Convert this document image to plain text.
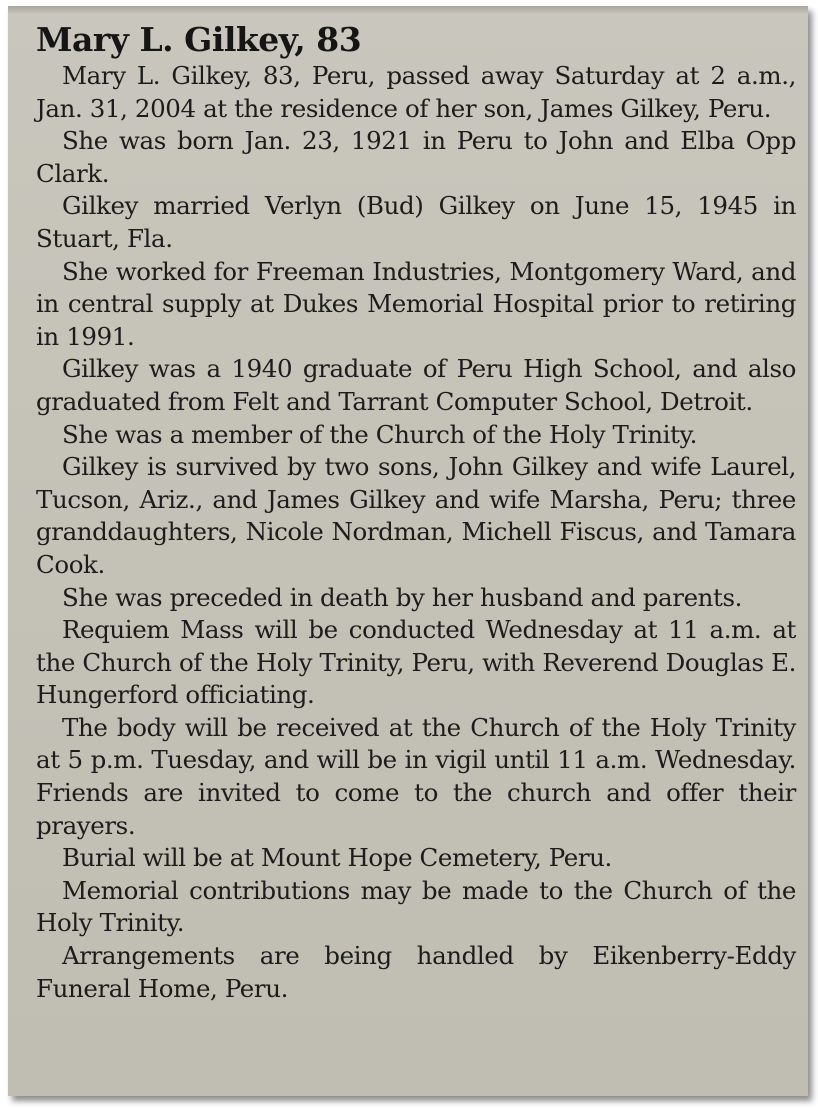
Mary L. Gilkey, 83

Mary L. Gilkey, 83, Peru, passed away Saturday at 2 a.m., Jan. 31, 2004 at the residence of her son, James Gilkey, Peru.

She was born Jan. 23, 1921 in Peru to John and Elba Opp Clark.

Gilkey married Verlyn (Bud) Gilkey on June 15, 1945 in Stuart, Fla.

She worked for Freeman Industries, Montgomery Ward, and in central supply at Dukes Memorial Hospital prior to retiring in 1991.

Gilkey was a 1940 graduate of Peru High School, and also graduated from Felt and Tarrant Computer School, Detroit.

She was a member of the Church of the Holy Trinity.

Gilkey is survived by two sons, John Gilkey and wife Laurel, Tucson, Ariz., and James Gilkey and wife Marsha, Peru; three granddaughters, Nicole Nordman, Michell Fiscus, and Tamara Cook.

She was preceded in death by her husband and parents.

Requiem Mass will be conducted Wednesday at 11 a.m. at the Church of the Holy Trinity, Peru, with Reverend Douglas E. Hungerford officiating.

The body will be received at the Church of the Holy Trinity at 5 p.m. Tuesday, and will be in vigil until 11 a.m. Wednesday. Friends are invited to come to the church and offer their prayers.

Burial will be at Mount Hope Cemetery, Peru.

Memorial contributions may be made to the Church of the Holy Trinity.

Arrangements are being handled by Eikenberry-Eddy Funeral Home, Peru.
